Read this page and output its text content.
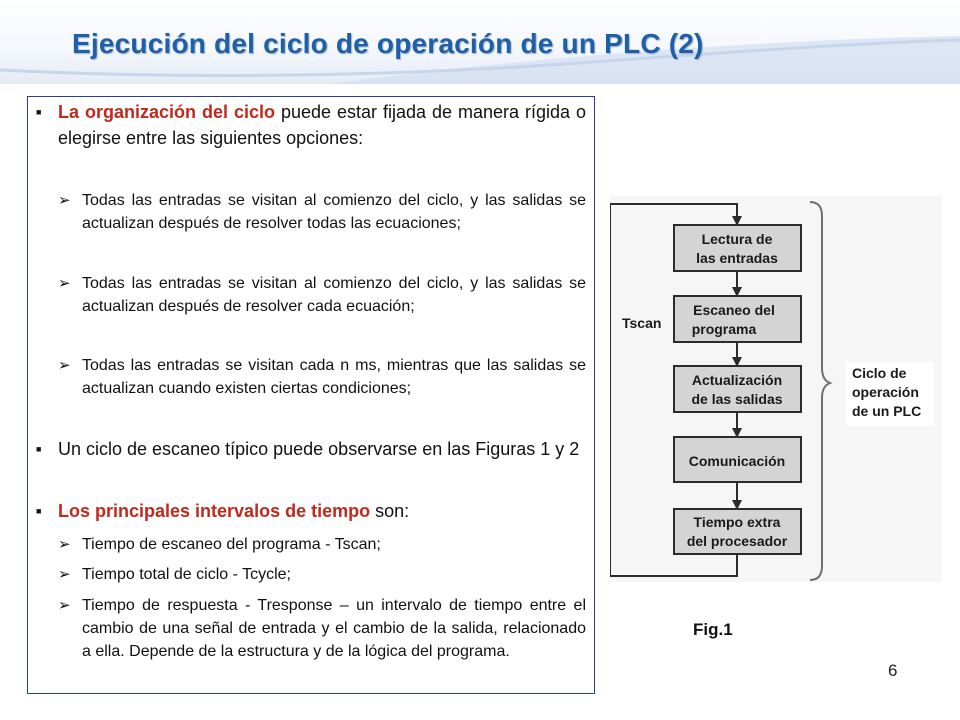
Ejecución del ciclo de operación de un PLC (2)
■ La organización del ciclo puede estar fijada de manera rígida o elegirse entre las siguientes opciones:
➢ Todas las entradas se visitan al comienzo del ciclo, y las salidas se actualizan después de resolver todas las ecuaciones;
➢ Todas las entradas se visitan al comienzo del ciclo, y las salidas se actualizan después de resolver cada ecuación;
➢ Todas las entradas se visitan cada n ms, mientras que las salidas se actualizan cuando existen ciertas condiciones;
■ Un ciclo de escaneo típico puede observarse en las Figuras 1 y 2
■ Los principales intervalos de tiempo son:
➢ Tiempo de escaneo del programa - Tscan;
➢ Tiempo total de ciclo - Tcycle;
➢ Tiempo de respuesta - Tresponse – un intervalo de tiempo entre el cambio de una señal de entrada y el cambio de la salida, relacionado a ella. Depende de la estructura y de la lógica del programa.
Lectura de
las entradas
Escaneo del
programa
Actualización
de las salidas
Comunicación
Tiempo extra
del procesador
Tscan
Ciclo de
operación
de un PLC
Fig.1
6
